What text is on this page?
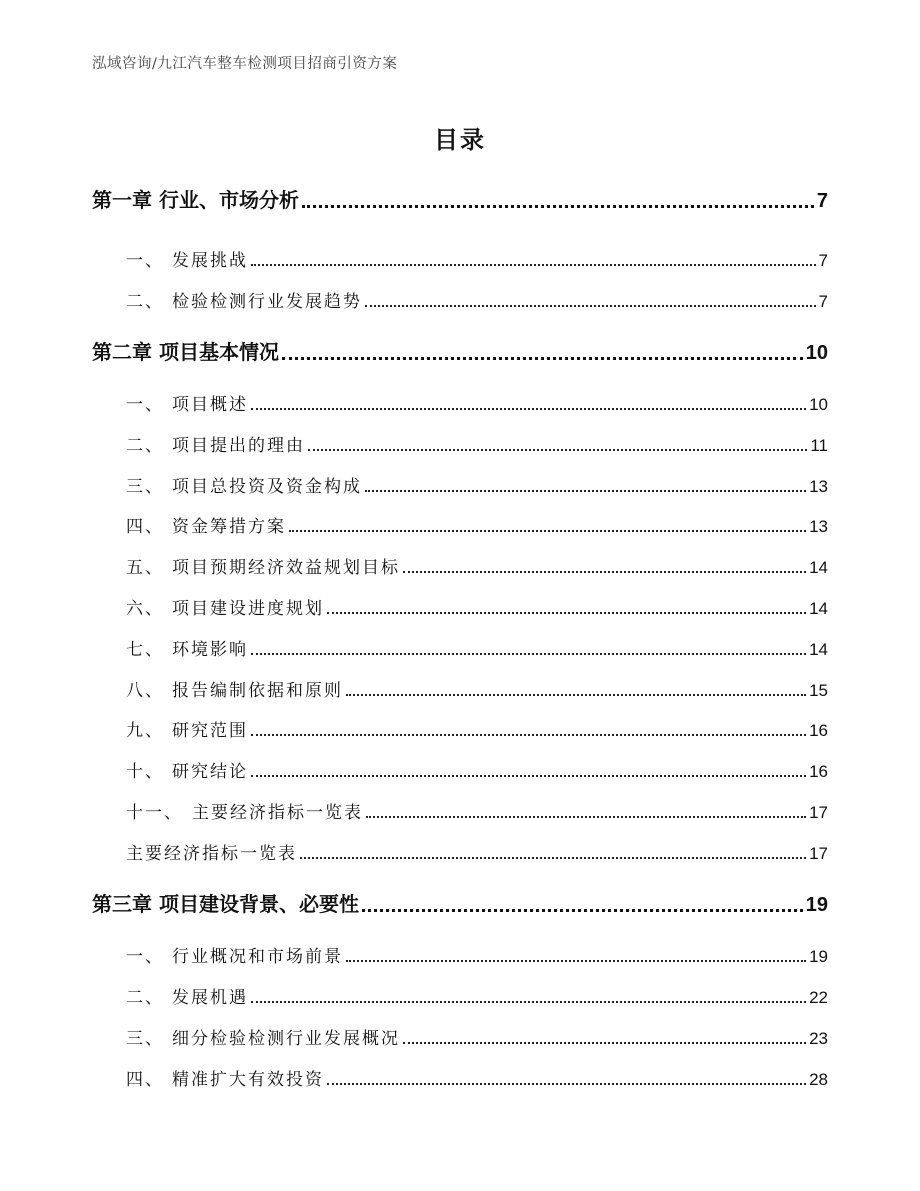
泓域咨询/九江汽车整车检测项目招商引资方案
目录
第一章 行业、市场分析	7
一、 发展挑战	7
二、 检验检测行业发展趋势	7
第二章 项目基本情况	10
一、 项目概述	10
二、 项目提出的理由	11
三、 项目总投资及资金构成	13
四、 资金筹措方案	13
五、 项目预期经济效益规划目标	14
六、 项目建设进度规划	14
七、 环境影响	14
八、 报告编制依据和原则	15
九、 研究范围	16
十、 研究结论	16
十一、 主要经济指标一览表	17
主要经济指标一览表	17
第三章 项目建设背景、必要性	19
一、 行业概况和市场前景	19
二、 发展机遇	22
三、 细分检验检测行业发展概况	23
四、 精准扩大有效投资	28
